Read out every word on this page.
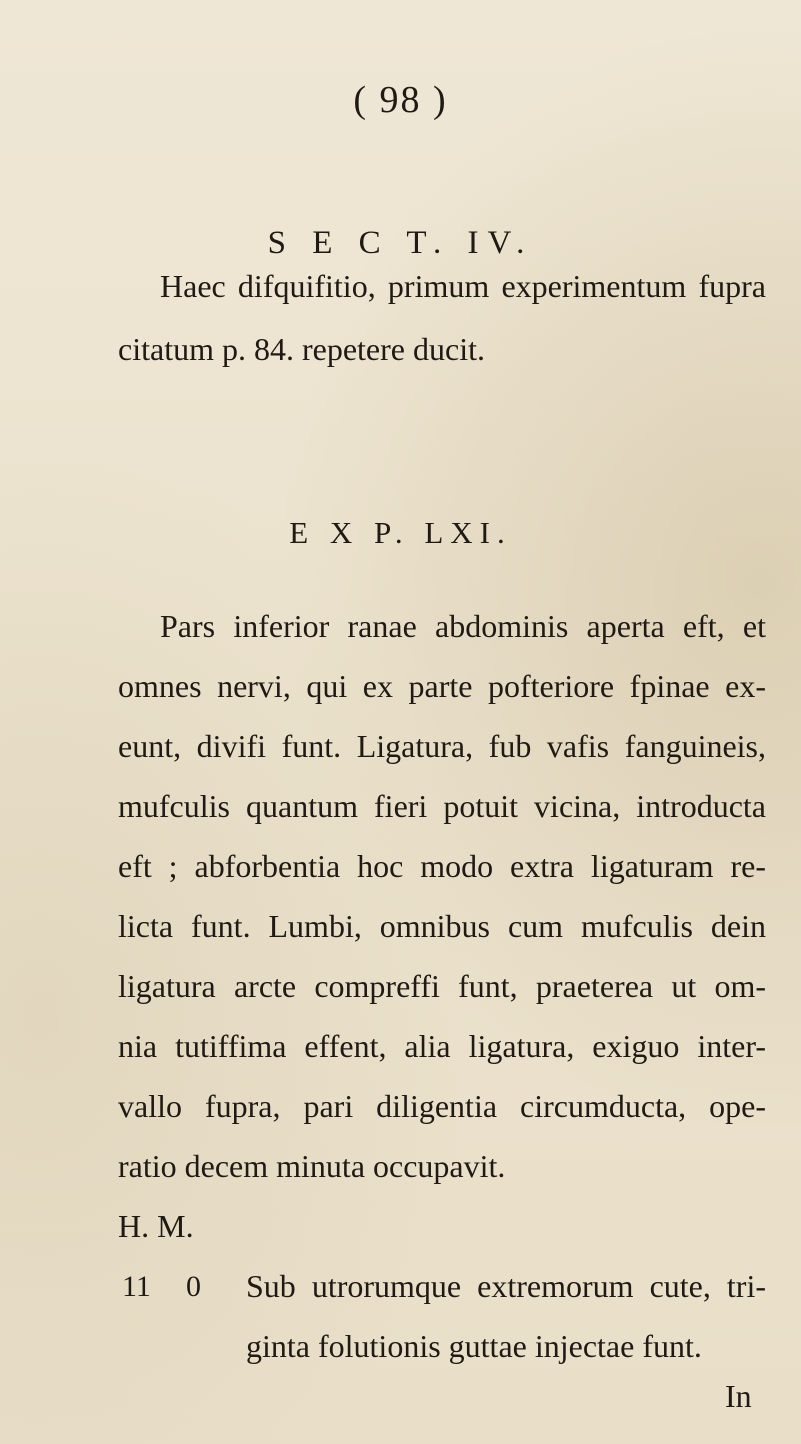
( 98 )
S E C T. IV.
Haec difquifitio, primum experimentum fupra
citatum p. 84. repetere ducit.
E X P. LXI.
Pars inferior ranae abdominis aperta eft, et
omnes nervi, qui ex parte pofteriore fpinae ex-
eunt, divifi funt. Ligatura, fub vafis fanguineis,
mufculis quantum fieri potuit vicina, introducta
eft ; abforbentia hoc modo extra ligaturam re-
licta funt. Lumbi, omnibus cum mufculis dein
ligatura arcte compreffi funt, praeterea ut om-
nia tutiffima effent, alia ligatura, exiguo inter-
vallo fupra, pari diligentia circumducta, ope-
ratio decem minuta occupavit.
H. M.
11 0 Sub utrorumque extremorum cute, tri-
ginta folutionis guttae injectae funt.
In
